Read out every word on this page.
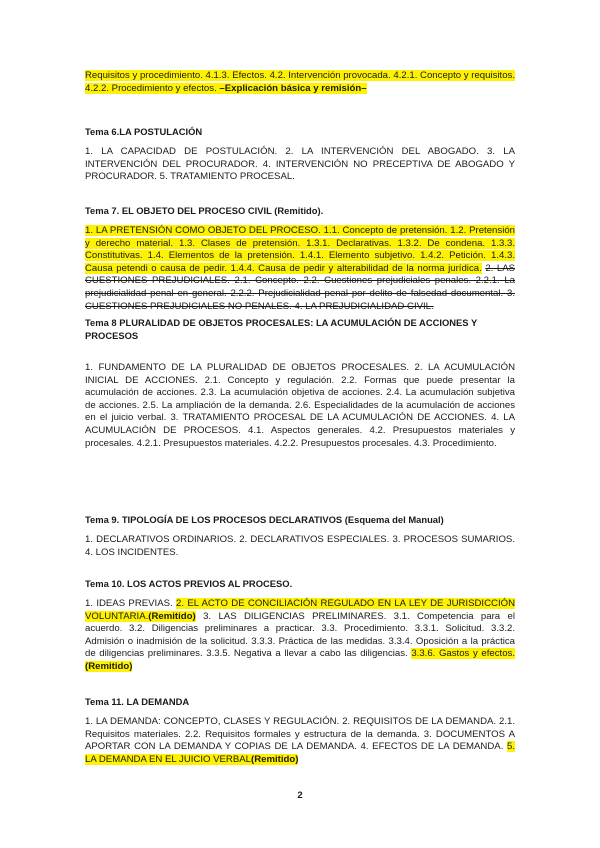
Requisitos y procedimiento. 4.1.3. Efectos. 4.2. Intervención provocada. 4.2.1. Concepto y requisitos. 4.2.2. Procedimiento y efectos. –Explicación básica y remisión–

Tema 6.LA POSTULACIÓN

1. LA CAPACIDAD DE POSTULACIÓN. 2. LA INTERVENCIÓN DEL ABOGADO. 3. LA INTERVENCIÓN DEL PROCURADOR. 4. INTERVENCIÓN NO PRECEPTIVA DE ABOGADO Y PROCURADOR. 5. TRATAMIENTO PROCESAL.

Tema 7. EL OBJETO DEL PROCESO CIVIL (Remitido).

1. LA PRETENSIÓN COMO OBJETO DEL PROCESO. 1.1. Concepto de pretensión. 1.2. Pretensión y derecho material. 1.3. Clases de pretensión. 1.3.1. Declarativas. 1.3.2. De condena. 1.3.3. Constitutivas. 1.4. Elementos de la pretensión. 1.4.1. Elemento subjetivo. 1.4.2. Petición. 1.4.3. Causa petendi o causa de pedir. 1.4.4. Causa de pedir y alterabilidad de la norma jurídica. 2. LAS CUESTIONES PREJUDICIALES. 2.1. Concepto. 2.2. Cuestiones prejudiciales penales. 2.2.1. La prejudicialidad penal en general. 2.2.2. Prejudicialidad penal por delito de falsedad documental. 3. CUESTIONES PREJUDICIALES NO PENALES. 4. LA PREJUDICIALIDAD CIVIL.

Tema 8 PLURALIDAD DE OBJETOS PROCESALES: LA ACUMULACIÓN DE ACCIONES Y PROCESOS

1. FUNDAMENTO DE LA PLURALIDAD DE OBJETOS PROCESALES. 2. LA ACUMULACIÓN INICIAL DE ACCIONES. 2.1. Concepto y regulación. 2.2. Formas que puede presentar la acumulación de acciones. 2.3. La acumulación objetiva de acciones. 2.4. La acumulación subjetiva de acciones. 2.5. La ampliación de la demanda. 2.6. Especialidades de la acumulación de acciones en el juicio verbal. 3. TRATAMIENTO PROCESAL DE LA ACUMULACIÓN DE ACCIONES. 4. LA ACUMULACIÓN DE PROCESOS. 4.1. Aspectos generales. 4.2. Presupuestos materiales y procesales. 4.2.1. Presupuestos materiales. 4.2.2. Presupuestos procesales. 4.3. Procedimiento.

Tema 9. TIPOLOGÍA DE LOS PROCESOS DECLARATIVOS (Esquema del Manual)

1. DECLARATIVOS ORDINARIOS. 2. DECLARATIVOS ESPECIALES. 3. PROCESOS SUMARIOS. 4. LOS INCIDENTES.

Tema 10. LOS ACTOS PREVIOS AL PROCESO.

1. IDEAS PREVIAS. 2. EL ACTO DE CONCILIACIÓN REGULADO EN LA LEY DE JURISDICCIÓN VOLUNTARIA.(Remitido) 3. LAS DILIGENCIAS PRELIMINARES. 3.1. Competencia para el acuerdo. 3.2. Diligencias preliminares a practicar. 3.3. Procedimiento. 3.3.1. Solicitud. 3.3.2. Admisión o inadmisión de la solicitud. 3.3.3. Práctica de las medidas. 3.3.4. Oposición a la práctica de diligencias preliminares. 3.3.5. Negativa a llevar a cabo las diligencias. 3.3.6. Gastos y efectos. (Remitido)

Tema 11. LA DEMANDA

1. LA DEMANDA: CONCEPTO, CLASES Y REGULACIÓN. 2. REQUISITOS DE LA DEMANDA. 2.1. Requisitos materiales. 2.2. Requisitos formales y estructura de la demanda. 3. DOCUMENTOS A APORTAR CON LA DEMANDA Y COPIAS DE LA DEMANDA. 4. EFECTOS DE LA DEMANDA. 5. LA DEMANDA EN EL JUICIO VERBAL(Remitido)

2
